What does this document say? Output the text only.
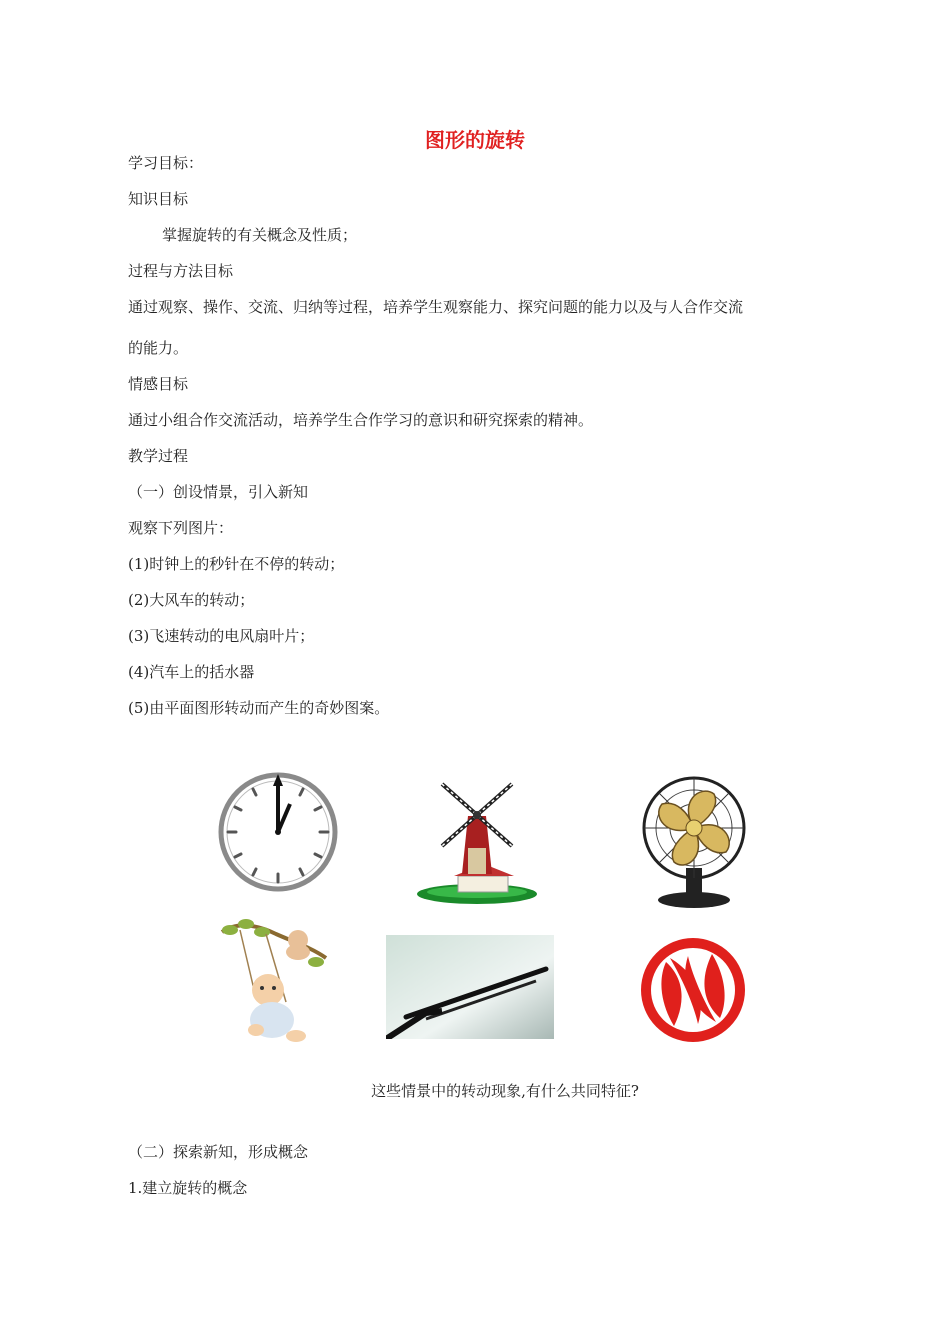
图形的旋转
学习目标：
知识目标
掌握旋转的有关概念及性质；
过程与方法目标
通过观察、操作、交流、归纳等过程，培养学生观察能力、探究问题的能力以及与人合作交流
的能力。
情感目标
通过小组合作交流活动，培养学生合作学习的意识和研究探索的精神。
教学过程
（一）创设情景，引入新知
观察下列图片：
(1)时钟上的秒针在不停的转动；
(2)大风车的转动；
(3)飞速转动的电风扇叶片；
(4)汽车上的括水器
(5)由平面图形转动而产生的奇妙图案。
这些情景中的转动现象,有什么共同特征?
（二）探索新知，形成概念
1.建立旋转的概念
